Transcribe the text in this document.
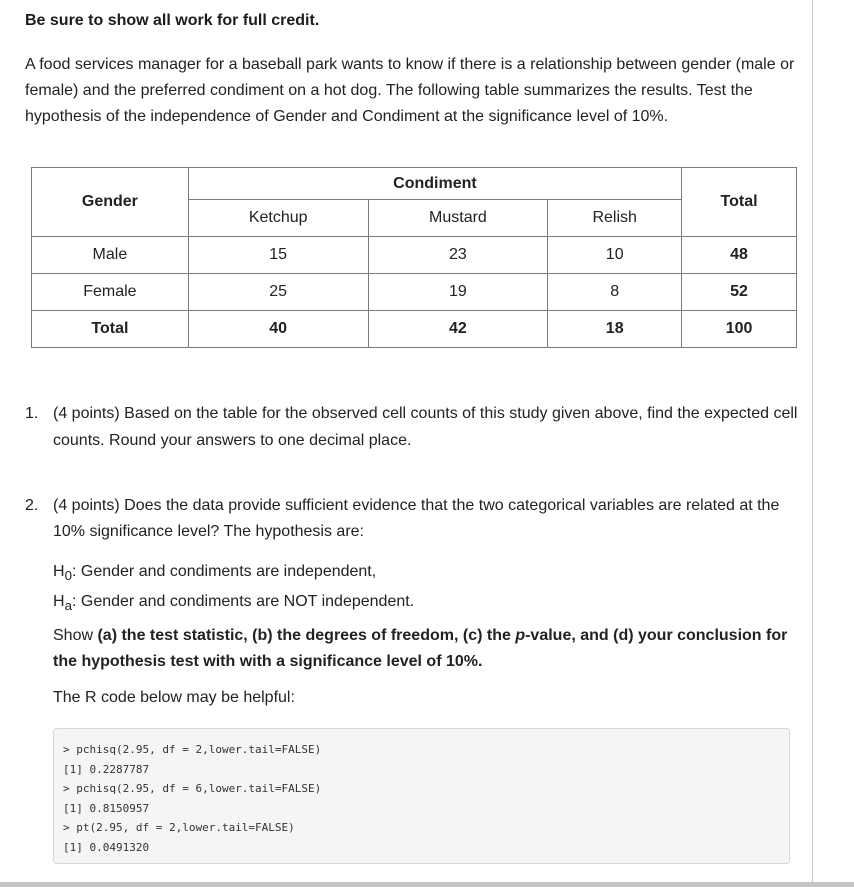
Be sure to show all work for full credit.

A food services manager for a baseball park wants to know if there is a relationship between gender (male or female) and the preferred condiment on a hot dog. The following table summarizes the results. Test the hypothesis of the independence of Gender and Condiment at the significance level of 10%.

Gender	Condiment			Total
	Ketchup	Mustard	Relish	
Male	15	23	10	48
Female	25	19	8	52
Total	40	42	18	100
1. (4 points) Based on the table for the observed cell counts of this study given above, find the expected cell counts. Round your answers to one decimal place.
2. (4 points) Does the data provide sufficient evidence that the two categorical variables are related at the 10% significance level? The hypothesis are:
$H_0$: Gender and condiments are independent,
$H_a$: Gender and condiments are NOT independent.
Show (a) the test statistic, (b) the degrees of freedom, (c) the p-value, and (d) your conclusion for the hypothesis test with with a significance level of 10%.
The R code below may be helpful:
> pchisq(2.95, df = 2,lower.tail=FALSE)
[1] 0.2287787
> pchisq(2.95, df = 6,lower.tail=FALSE)
[1] 0.8150957
> pt(2.95, df = 2,lower.tail=FALSE)
[1] 0.0491320
